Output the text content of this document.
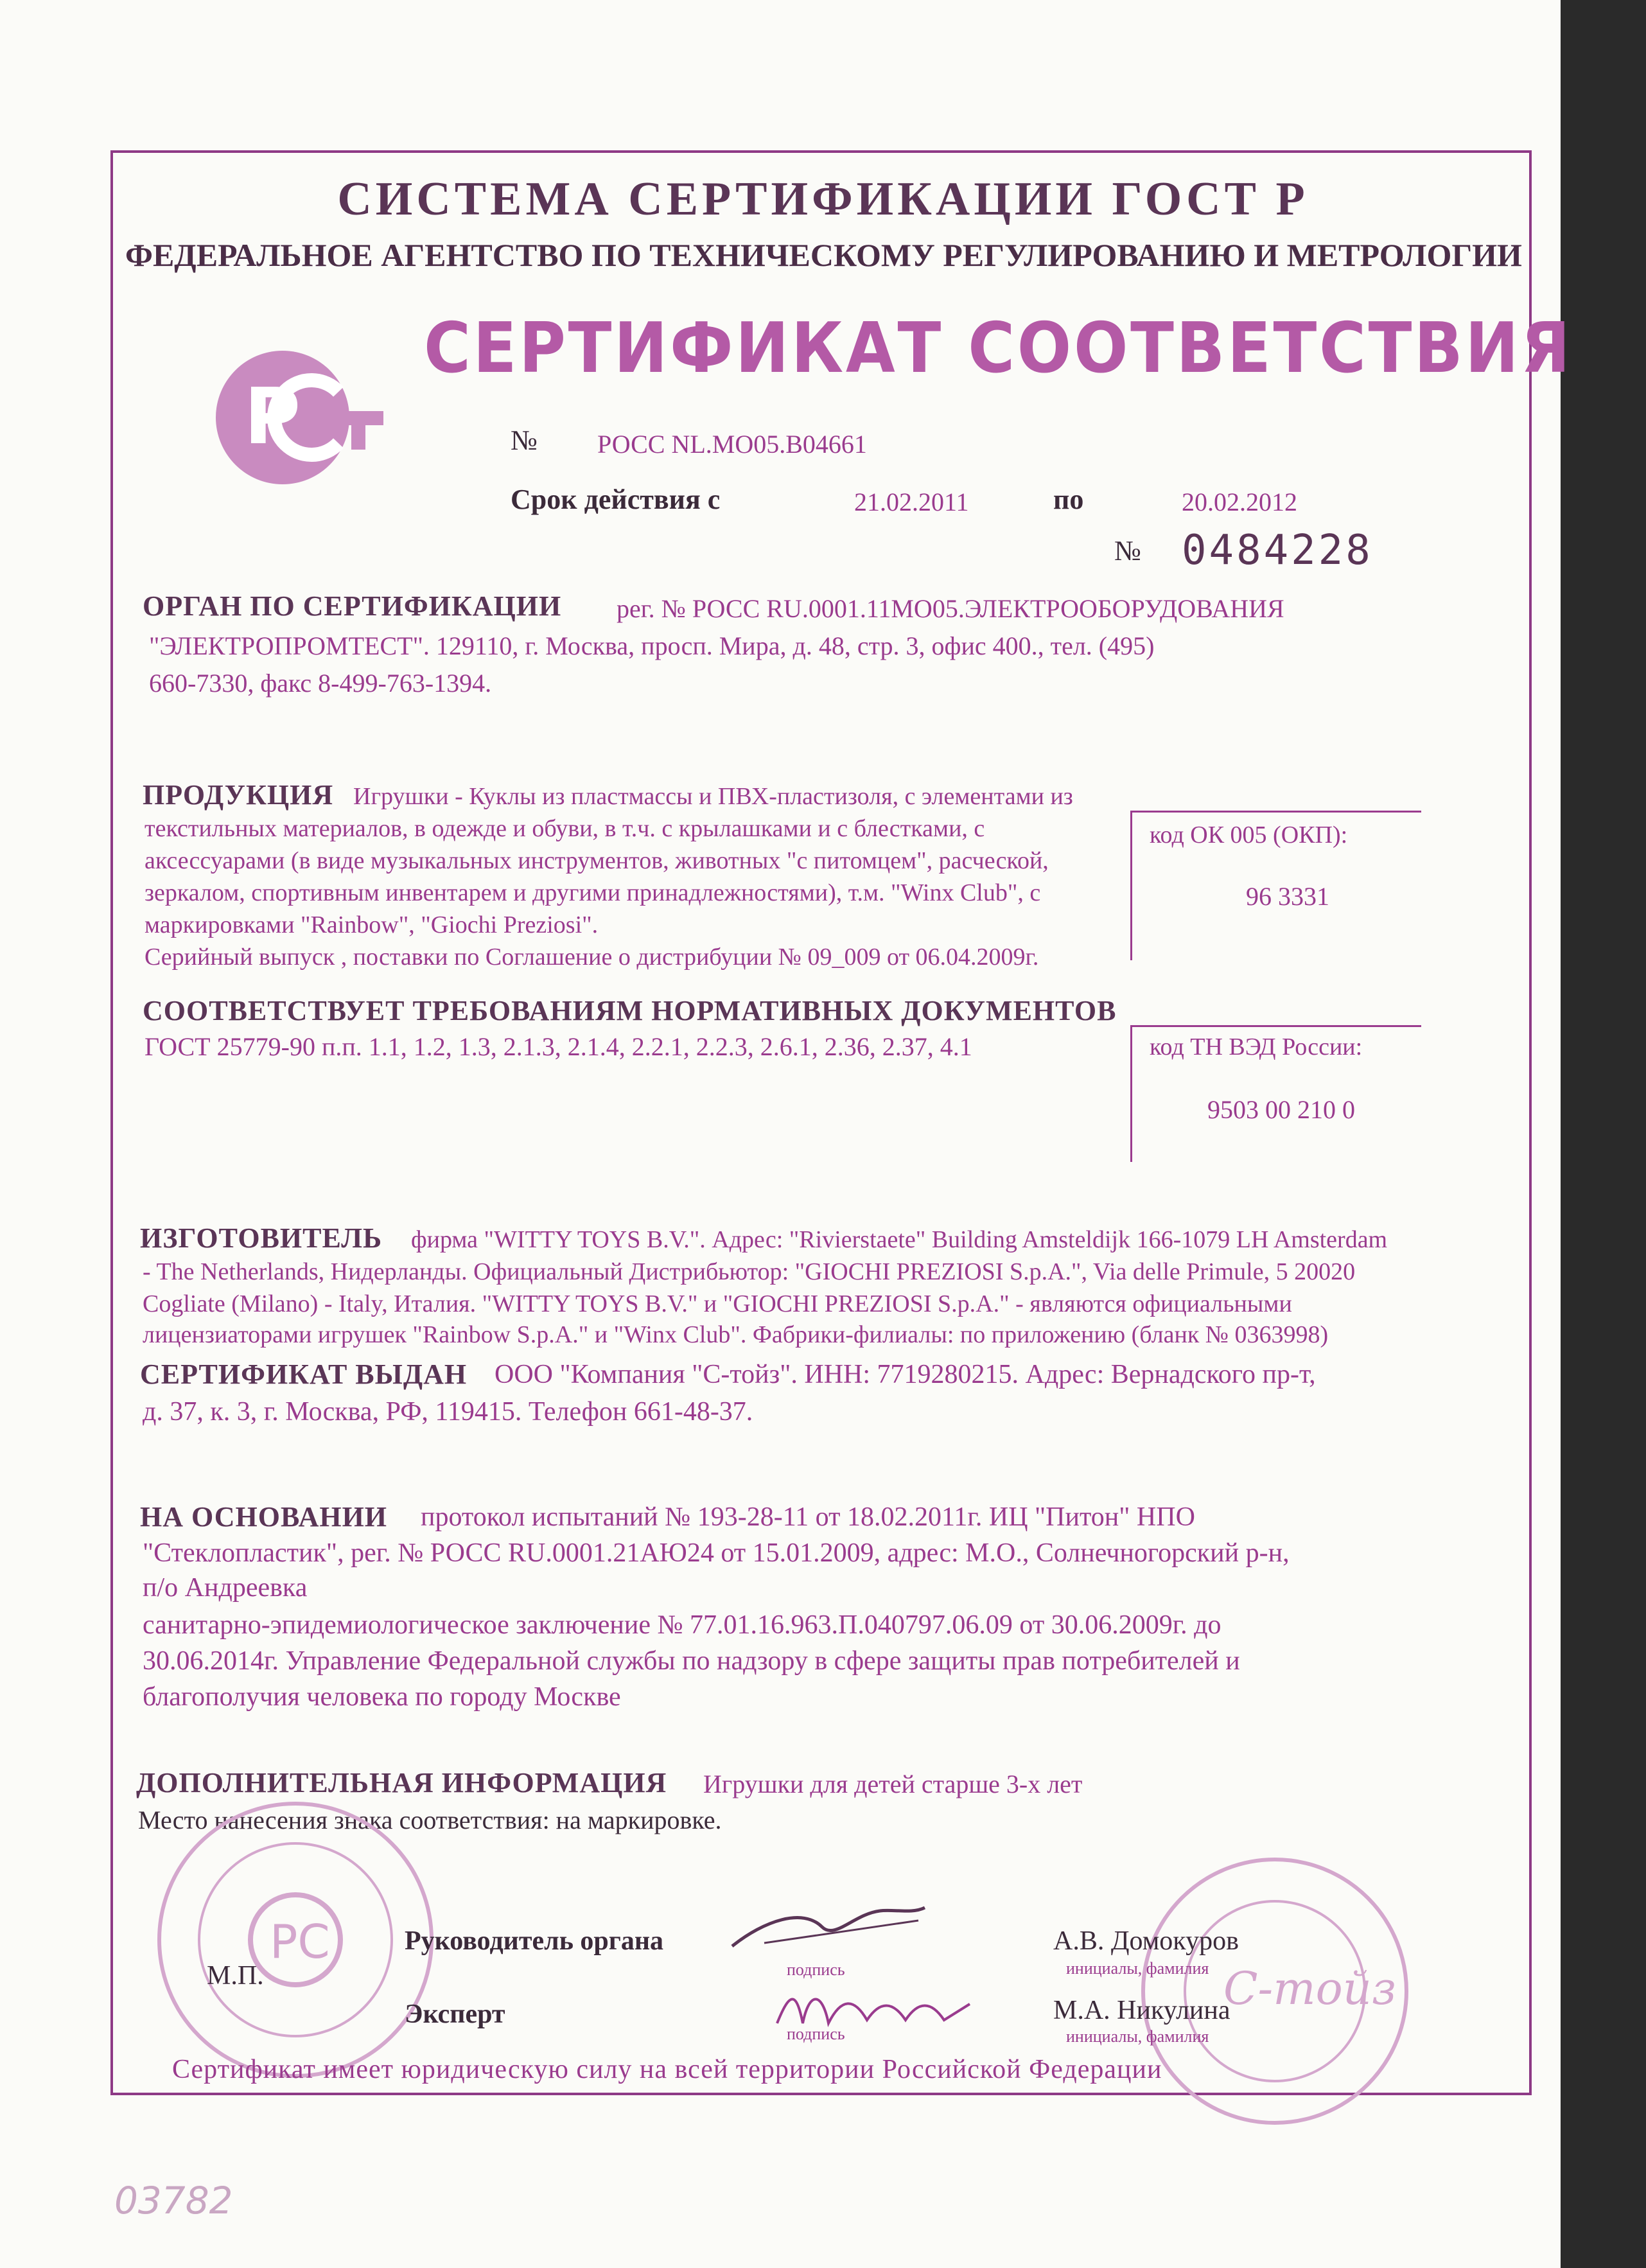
СИСТЕМА СЕРТИФИКАЦИИ ГОСТ Р
ФЕДЕРАЛЬНОЕ АГЕНТСТВО ПО ТЕХНИЧЕСКОМУ РЕГУЛИРОВАНИЮ И МЕТРОЛОГИИ
Р
СЕРТИФИКАТ СООТВЕТСТВИЯ
№ РОСС NL.МО05.В04661
Срок действия с	21.02.2011	по	20.02.2012
№ 0484228
ОРГАН ПО СЕРТИФИКАЦИИ рег. № РОСС RU.0001.11МО05.ЭЛЕКТРООБОРУДОВАНИЯ
"ЭЛЕКТРОПРОМТЕСТ". 129110, г. Москва, просп. Мира, д. 48, стр. 3, офис 400., тел. (495)
660-7330, факс 8-499-763-1394.
ПРОДУКЦИЯ Игрушки - Куклы из пластмассы и ПВХ-пластизоля, с элементами из
текстильных материалов, в одежде и обуви, в т.ч. с крылашками и с блестками, с
аксессуарами (в виде музыкальных инструментов, животных "с питомцем", расческой,
зеркалом, спортивным инвентарем и другими принадлежностями), т.м. "Winx Club", с
маркировками "Rainbow", "Giochi Preziosi".
Серийный выпуск , поставки по Соглашение о дистрибуции № 09_009 от 06.04.2009г.
код ОК 005 (ОКП):
96 3331
СООТВЕТСТВУЕТ ТРЕБОВАНИЯМ НОРМАТИВНЫХ ДОКУМЕНТОВ
ГОСТ 25779-90 п.п. 1.1, 1.2, 1.3, 2.1.3, 2.1.4, 2.2.1, 2.2.3, 2.6.1, 2.36, 2.37, 4.1	код ТН ВЭД России:
9503 00 210 0
ИЗГОТОВИТЕЛЬ фирма "WITTY TOYS B.V.". Адрес: "Rivierstaete" Building Amsteldijk 166-1079 LH Amsterdam
- The Netherlands, Нидерланды. Официальный Дистрибьютор: "GIOCHI PREZIOSI S.p.A.", Via delle Primule, 5 20020
Cogliate (Milano) - Italy, Италия. "WITTY TOYS B.V." и "GIOCHI PREZIOSI S.p.A." - являются официальными
лицензиаторами игрушек "Rainbow S.p.A." и "Winx Club". Фабрики-филиалы: по приложению (бланк № 0363998)
СЕРТИФИКАТ ВЫДАН ООО "Компания "С-тойз". ИНН: 7719280215. Адрес: Вернадского пр-т,
д. 37, к. 3, г. Москва, РФ, 119415. Телефон 661-48-37.
НА ОСНОВАНИИ протокол испытаний № 193-28-11 от 18.02.2011г. ИЦ "Питон" НПО
"Стеклопластик", рег. № РОСС RU.0001.21АЮ24 от 15.01.2009, адрес: М.О., Солнечногорский р-н,
п/о Андреевка
санитарно-эпидемиологическое заключение № 77.01.16.963.П.040797.06.09 от 30.06.2009г. до
30.06.2014г. Управление Федеральной службы по надзору в сфере защиты прав потребителей и
благополучия человека по городу Москве
ДОПОЛНИТЕЛЬНАЯ ИНФОРМАЦИЯ Игрушки для детей старше 3-х лет
Место нанесения знака соответствия: на маркировке.
РС
С-тойз
М.П.
Руководитель органа
подпись
А.В. Домокуров
инициалы, фамилия
Эксперт
подпись
М.А. Никулина
инициалы, фамилия
Сертификат имеет юридическую силу на всей территории Российской Федерации
03782
